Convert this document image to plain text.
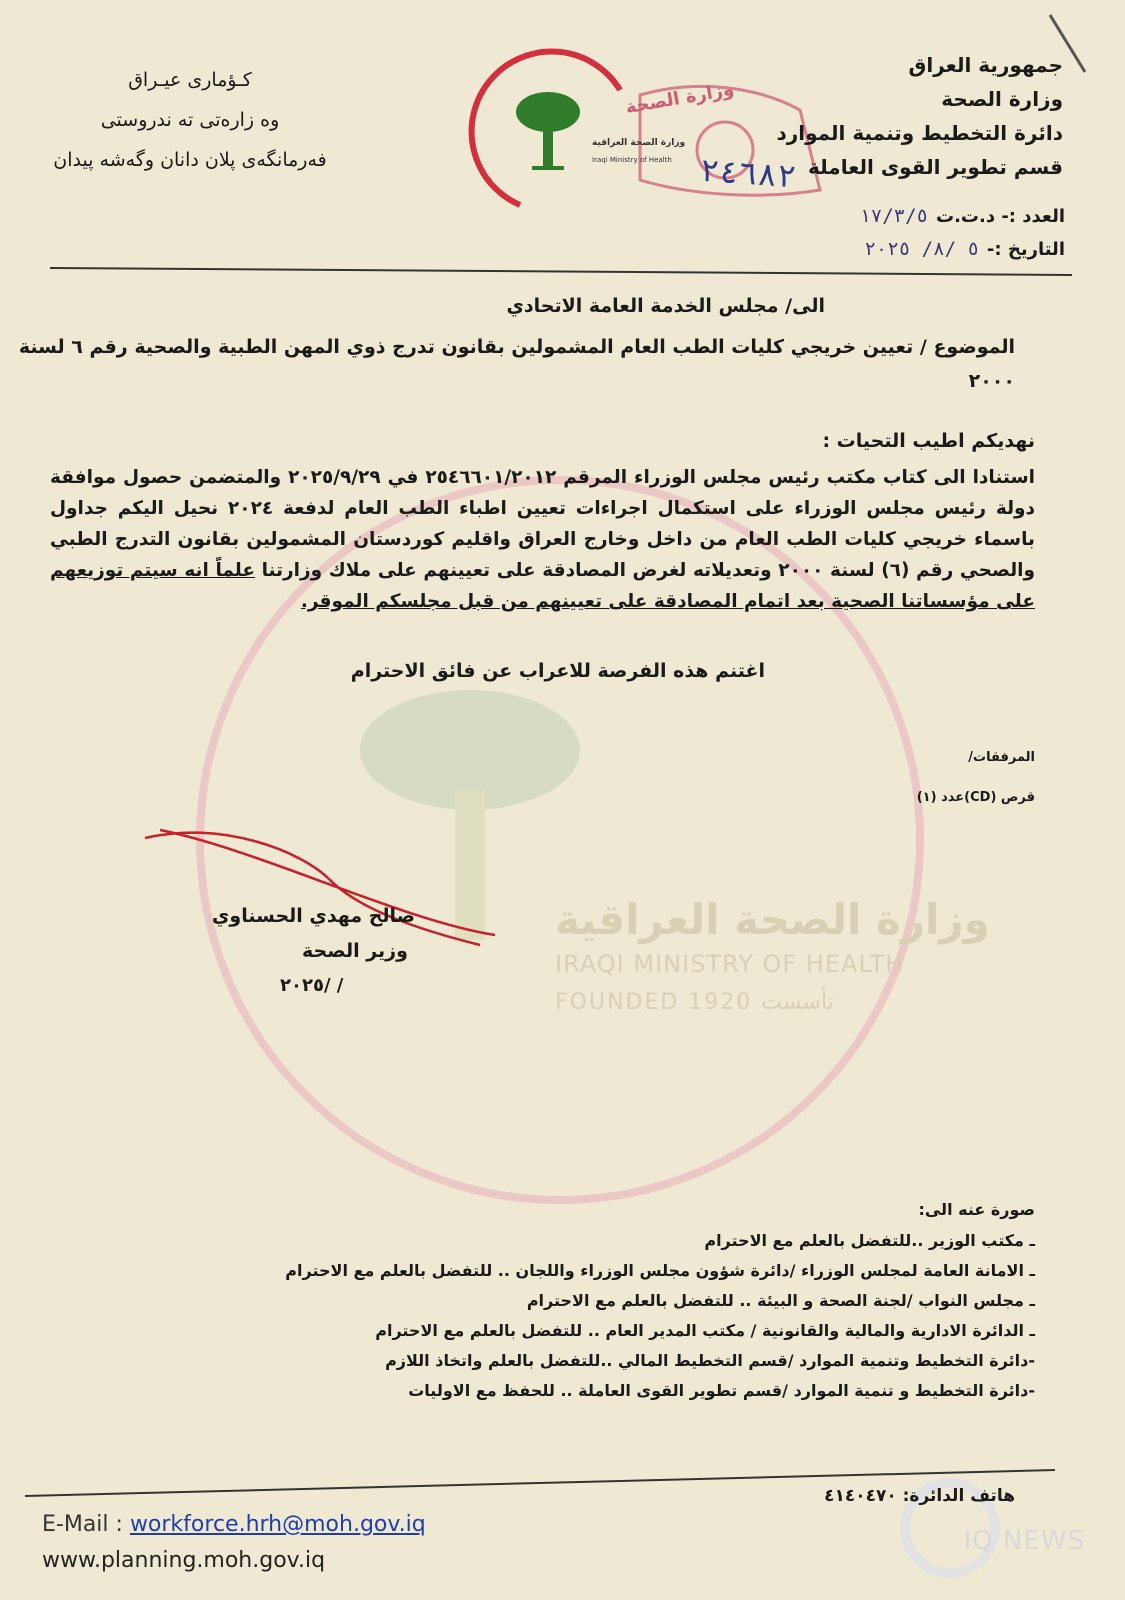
وزارة الصحة
وزارة الصحة العراقية
Iraqi Ministry of Health
جمهورية العراق
وزارة الصحة
دائرة التخطيط وتنمية الموارد
قسم تطوير القوى العاملة
كـؤمارى عيـراق
وه زارەتى ته ندروستى
فەرمانگەى پلان دانان وگەشه پيدان	٢٤٦٨٢
العدد :- د.ت.ت١٧/٣/٥
التاريخ :-٥ /٨/ ٢٠٢٥
الى/ مجلس الخدمة العامة الاتحادي
الموضوع / تعيين خريجي كليات الطب العام المشمولين بقانون تدرج ذوي المهن الطبية والصحية رقم ٦ لسنة ٢٠٠٠
نهديكم اطيب التحيات :
استنادا الى كتاب مكتب رئيس مجلس الوزراء المرقم ٢٥٤٦٦٠١/٢٠١٢ في ٢٠٢٥/٩/٢٩ والمتضمن حصول موافقة دولة رئيس مجلس الوزراء على استكمال اجراءات تعيين اطباء الطب العام لدفعة ٢٠٢٤ نحيل اليكم جداول باسماء خريجي كليات الطب العام من داخل وخارج العراق واقليم كوردستان المشمولين بقانون التدرج الطبي والصحي رقم (٦) لسنة ٢٠٠٠ وتعديلاته لغرض المصادقة على تعيينهم على ملاك وزارتنا علماً انه سيتم توزيعهم على مؤسساتنا الصحية بعد اتمام المصادقة على تعيينهم من قبل مجلسكم الموقر.
اغتنم هذه الفرصة للاعراب عن فائق الاحترام
المرفقات/
قرص (CD)عدد (١)
صالح مهدي الحسناوي
وزير الصحة
٢٠٢٥/ /
وزارة الصحة العراقية
IRAQI MINISTRY OF HEALTH
FOUNDED 1920 تأسست
صورة عنه الى:
ـ مكتب الوزير ..للتفضل بالعلم مع الاحترام
ـ الامانة العامة لمجلس الوزراء /دائرة شؤون مجلس الوزراء واللجان .. للتفضل بالعلم مع الاحترام
ـ مجلس النواب /لجنة الصحة و البيئة .. للتفضل بالعلم مع الاحترام
ـ الدائرة الادارية والمالية والقانونية / مكتب المدير العام .. للتفضل بالعلم مع الاحترام
-دائرة التخطيط وتنمية الموارد /قسم التخطيط المالي ..للتفضل بالعلم واتخاذ اللازم
-دائرة التخطيط و تنمية الموارد /قسم تطوير القوى العاملة .. للحفظ مع الاوليات
هاتف الدائرة: ٤١٤٠٤٧٠
E-Mail : workforce.hrh@moh.gov.iq
www.planning.moh.gov.iq
IQ NEWS
